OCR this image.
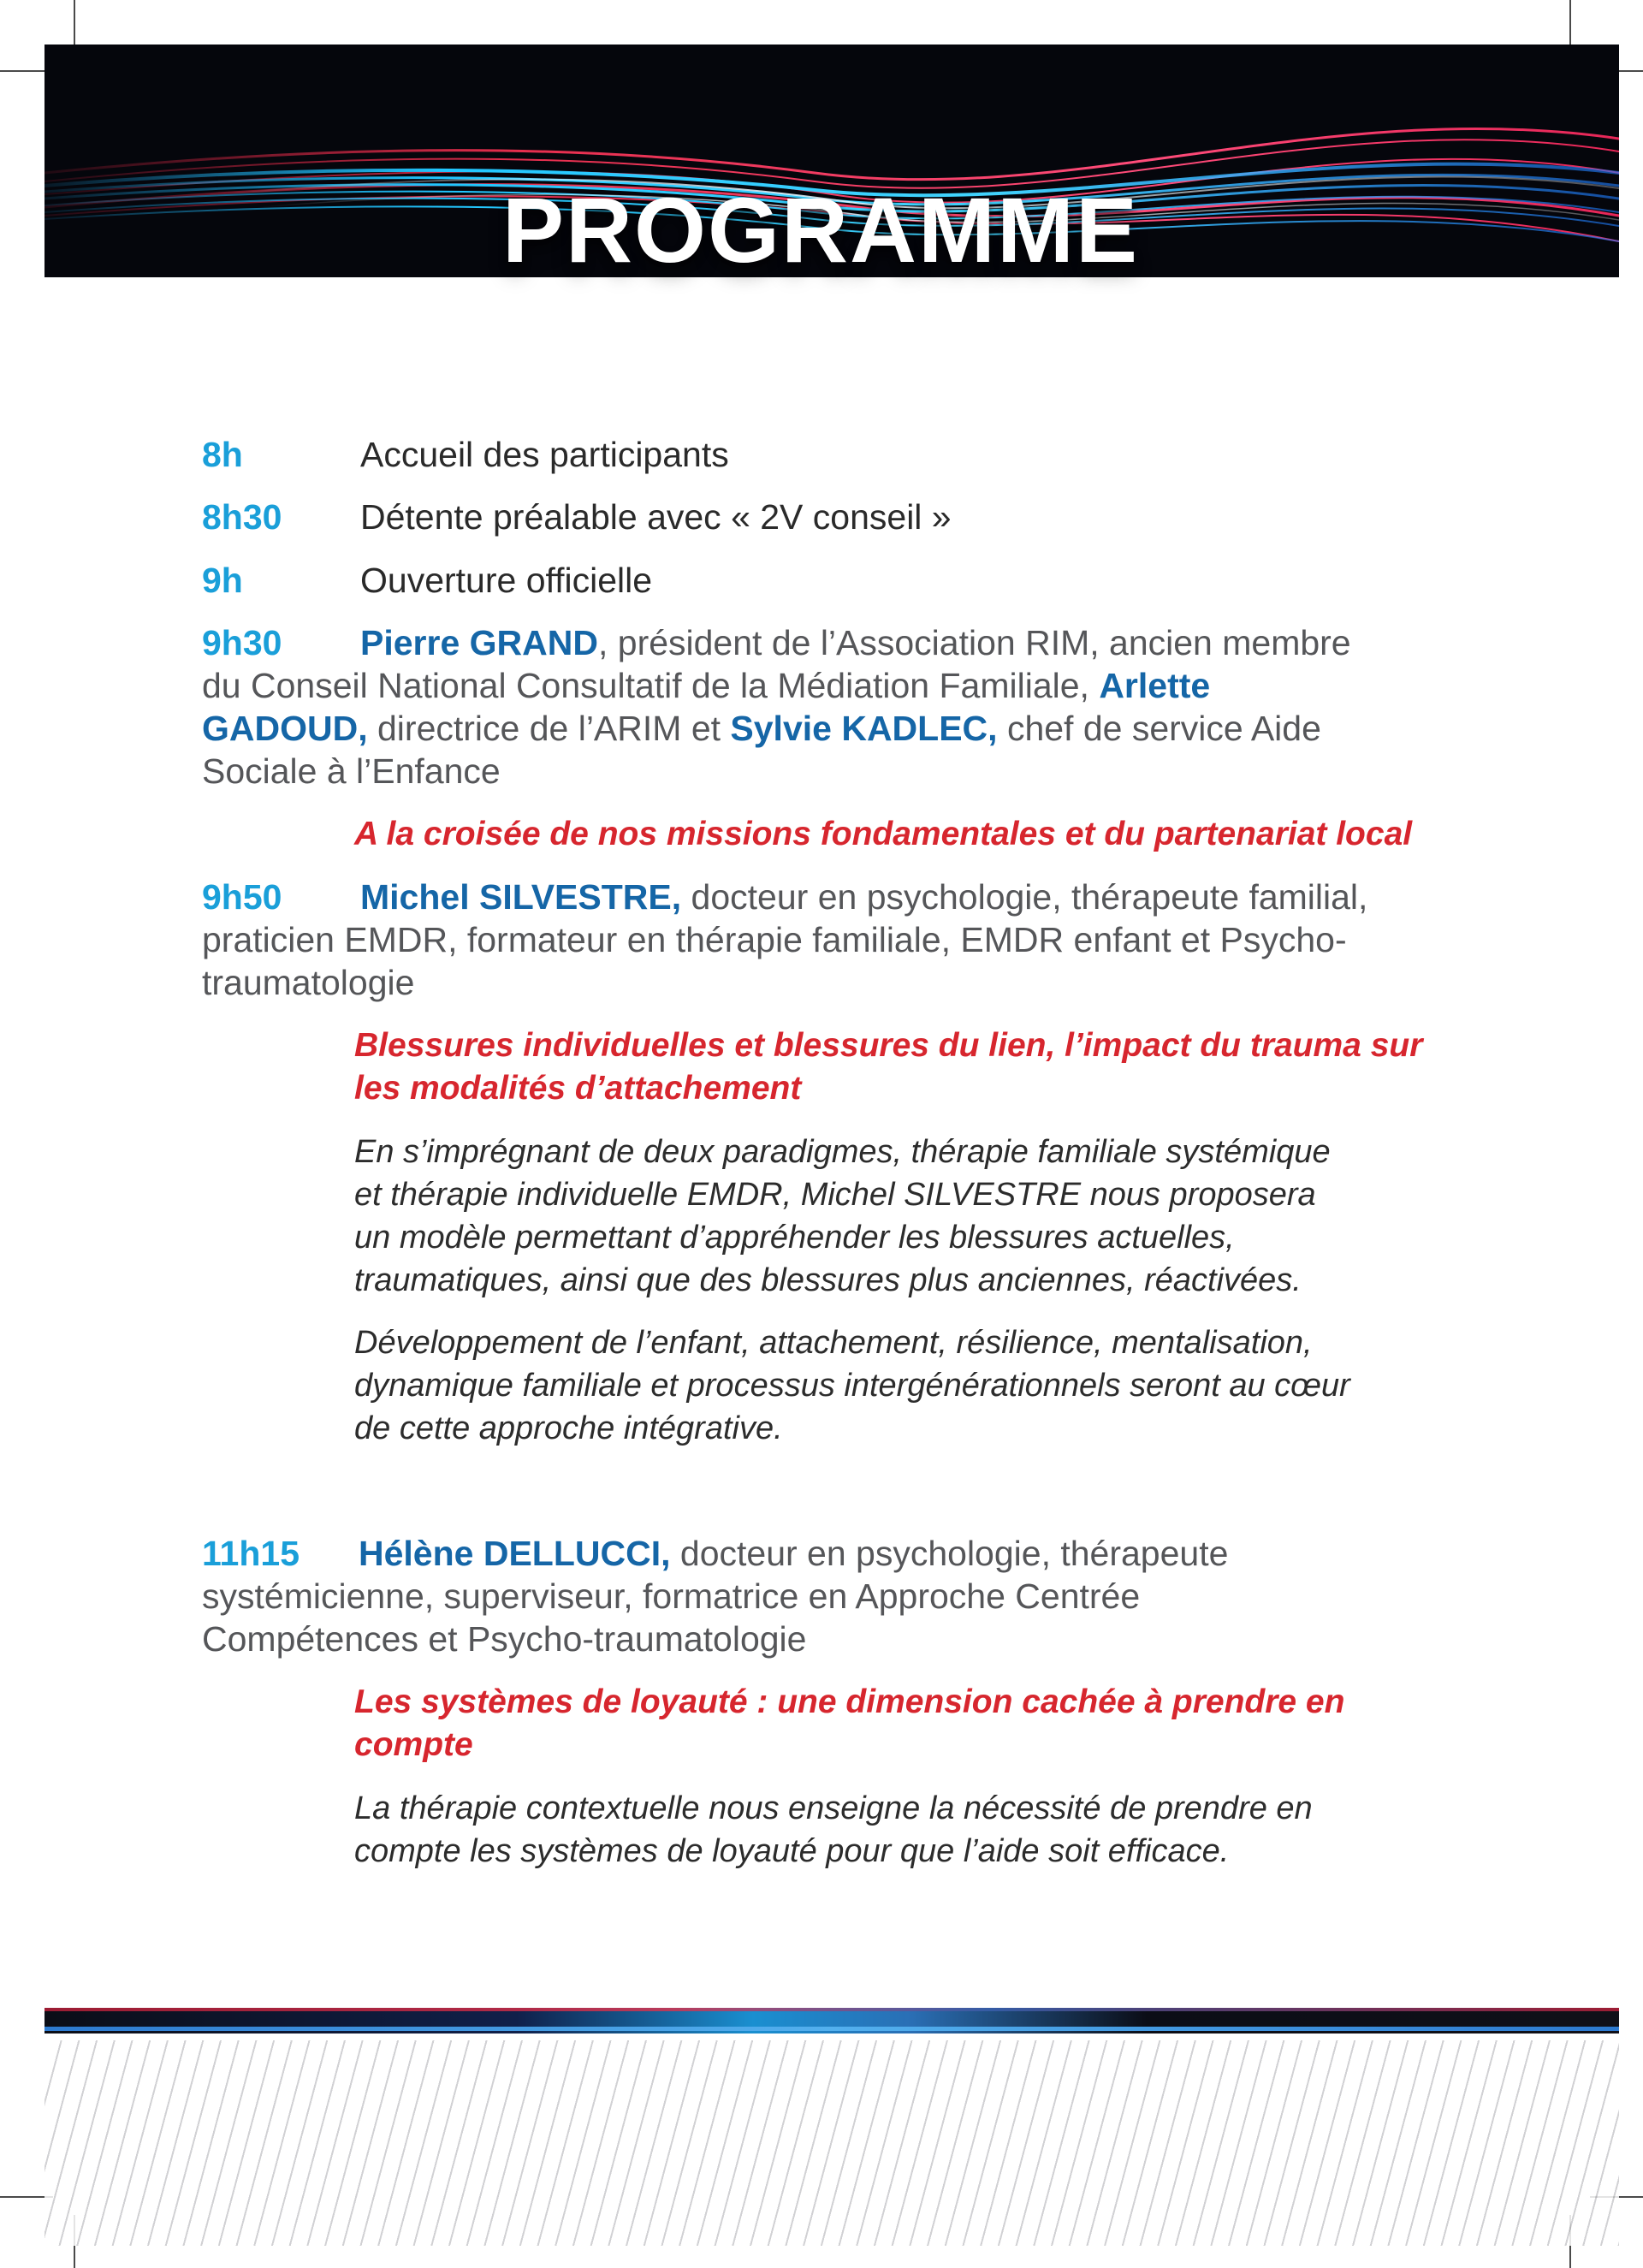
PROGRAMME
8h	Accueil des participants
8h30 Détente préalable avec « 2V conseil »
9h	Ouverture officielle
9h30 Pierre GRAND, président de l’Association RIM, ancien membre
du Conseil National Consultatif de la Médiation Familiale, Arlette
GADOUD, directrice de l’ARIM et Sylvie KADLEC, chef de service Aide
Sociale à l’Enfance
A la croisée de nos missions fondamentales et du partenariat local
9h50 Michel SILVESTRE, docteur en psychologie, thérapeute familial,
praticien EMDR, formateur en thérapie familiale, EMDR enfant et Psycho-
traumatologie
Blessures individuelles et blessures du lien, l’impact du trauma sur
les modalités d’attachement
En s’imprégnant de deux paradigmes, thérapie familiale systémique
et thérapie individuelle EMDR, Michel SILVESTRE nous proposera
un modèle permettant d’appréhender les blessures actuelles,
traumatiques, ainsi que des blessures plus anciennes, réactivées.
Développement de l’enfant, attachement, résilience, mentalisation,
dynamique familiale et processus intergénérationnels seront au cœur
de cette approche intégrative.
11h15 Hélène DELLUCCI, docteur en psychologie, thérapeute
systémicienne, superviseur, formatrice en Approche Centrée
Compétences et Psycho-traumatologie
Les systèmes de loyauté : une dimension cachée à prendre en
compte
La thérapie contextuelle nous enseigne la nécessité de prendre en
compte les systèmes de loyauté pour que l’aide soit efficace.
